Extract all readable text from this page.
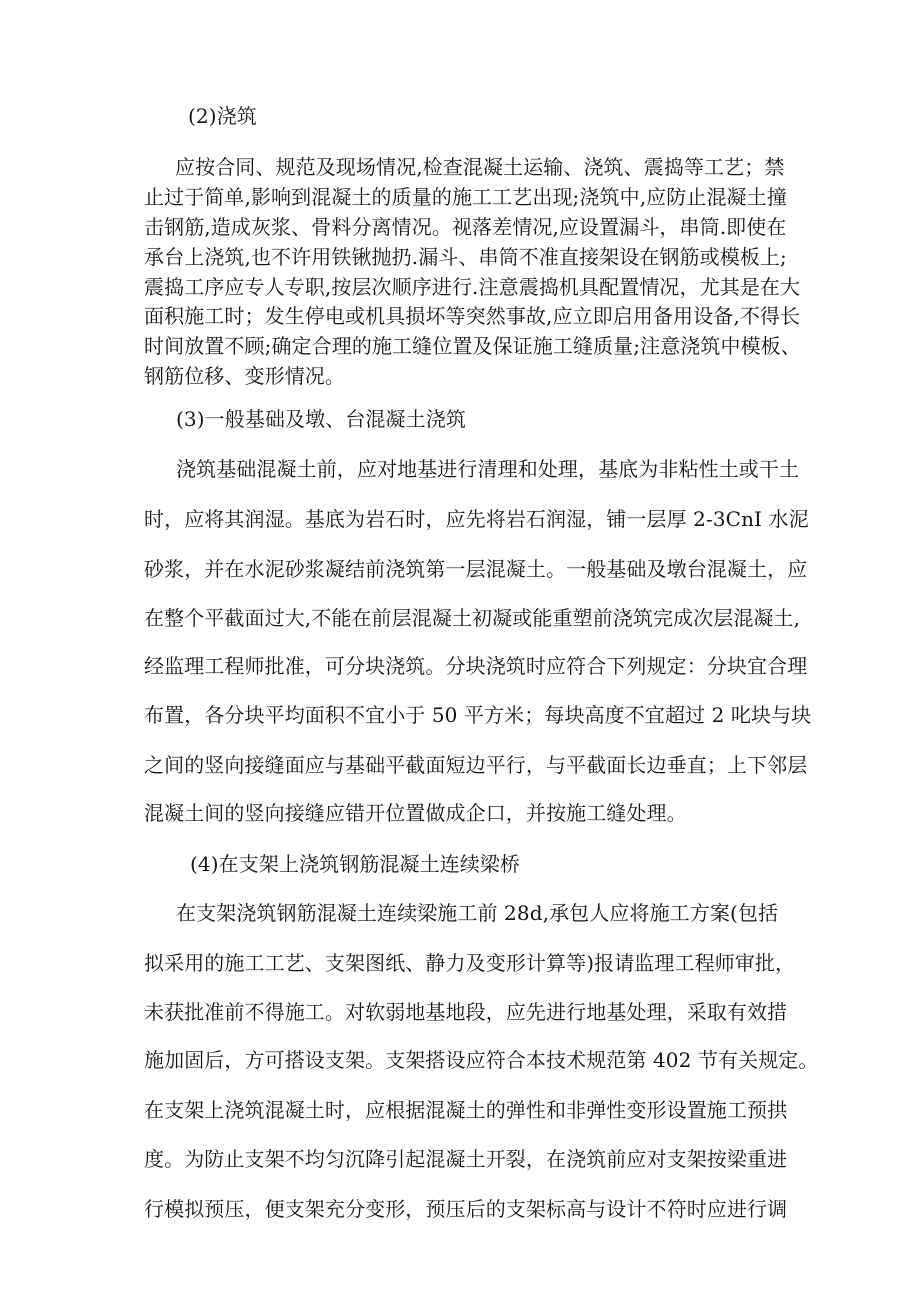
(2)浇筑
应按合同、规范及现场情况,检查混凝土运输、浇筑、震捣等工艺；禁
止过于简单,影响到混凝土的质量的施工工艺出现;浇筑中,应防止混凝土撞
击钢筋,造成灰浆、骨料分离情况。视落差情况,应设置漏斗，串筒.即使在
承台上浇筑,也不许用铁锹抛扔.漏斗、串筒不准直接架设在钢筋或模板上;
震捣工序应专人专职,按层次顺序进行.注意震捣机具配置情况，尤其是在大
面积施工时；发生停电或机具损坏等突然事故,应立即启用备用设备,不得长
时间放置不顾;确定合理的施工缝位置及保证施工缝质量;注意浇筑中模板、
钢筋位移、变形情况。
(3)一般基础及墩、台混凝土浇筑
浇筑基础混凝土前，应对地基进行清理和处理，基底为非粘性土或干土
时，应将其润湿。基底为岩石时，应先将岩石润湿，铺一层厚 2-3CnI 水泥
砂浆，并在水泥砂浆凝结前浇筑第一层混凝土。一般基础及墩台混凝土，应
在整个平截面过大,不能在前层混凝土初凝或能重塑前浇筑完成次层混凝土,
经监理工程师批准，可分块浇筑。分块浇筑时应符合下列规定：分块宜合理
布置，各分块平均面积不宜小于 50 平方米；每块高度不宜超过 2 叱块与块
之间的竖向接缝面应与基础平截面短边平行，与平截面长边垂直；上下邻层
混凝土间的竖向接缝应错开位置做成企口，并按施工缝处理。
(4)在支架上浇筑钢筋混凝土连续梁桥
在支架浇筑钢筋混凝土连续梁施工前 28d,承包人应将施工方案(包括
拟采用的施工工艺、支架图纸、静力及变形计算等)报请监理工程师审批，
未获批准前不得施工。对软弱地基地段，应先进行地基处理，采取有效措
施加固后，方可搭设支架。支架搭设应符合本技术规范第 402 节有关规定。
在支架上浇筑混凝土时，应根据混凝土的弹性和非弹性变形设置施工预拱
度。为防止支架不均匀沉降引起混凝土开裂，在浇筑前应对支架按梁重进
行模拟预压，便支架充分变形，预压后的支架标高与设计不符时应进行调
